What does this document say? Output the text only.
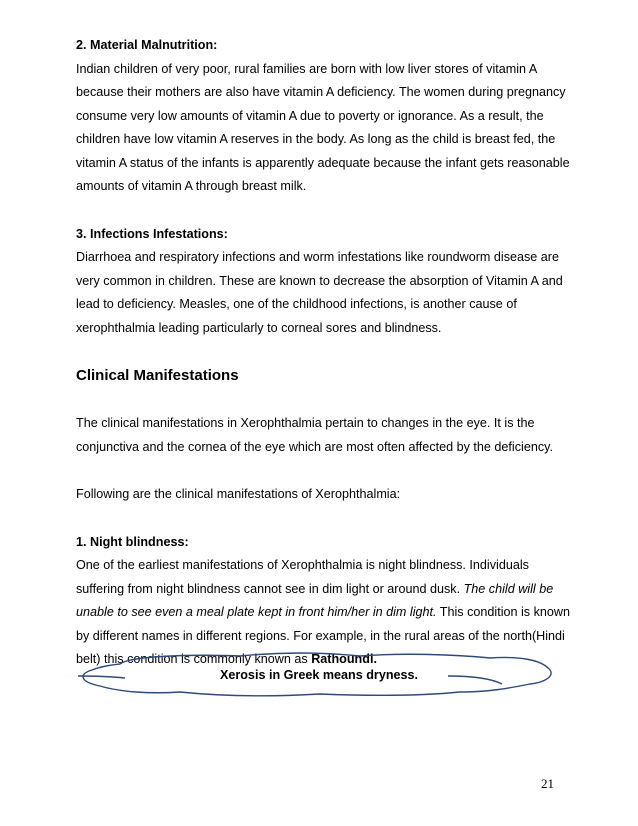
2. Material Malnutrition:

Indian children of very poor, rural families are born with low liver stores of vitamin A because their mothers are also have vitamin A deficiency. The women during pregnancy consume very low amounts of vitamin A due to poverty or ignorance. As a result, the children have low vitamin A reserves in the body. As long as the child is breast fed, the vitamin A status of the infants is apparently adequate because the infant gets reasonable amounts of vitamin A through breast milk.

3. Infections Infestations:

Diarrhoea and respiratory infections and worm infestations like roundworm disease are very common in children. These are known to decrease the absorption of Vitamin A and lead to deficiency. Measles, one of the childhood infections, is another cause of xerophthalmia leading particularly to corneal sores and blindness.

Clinical Manifestations

The clinical manifestations in Xerophthalmia pertain to changes in the eye. It is the conjunctiva and the cornea of the eye which are most often affected by the deficiency.

Following are the clinical manifestations of Xerophthalmia:

1. Night blindness:

One of the earliest manifestations of Xerophthalmia is night blindness. Individuals suffering from night blindness cannot see in dim light or around dusk. The child will be unable to see even a meal plate kept in front him/her in dim light. This condition is known by different names in different regions. For example, in the rural areas of the north(Hindi belt) this condition is commonly known as Rathoundi.

Xerosis in Greek means dryness.
21
